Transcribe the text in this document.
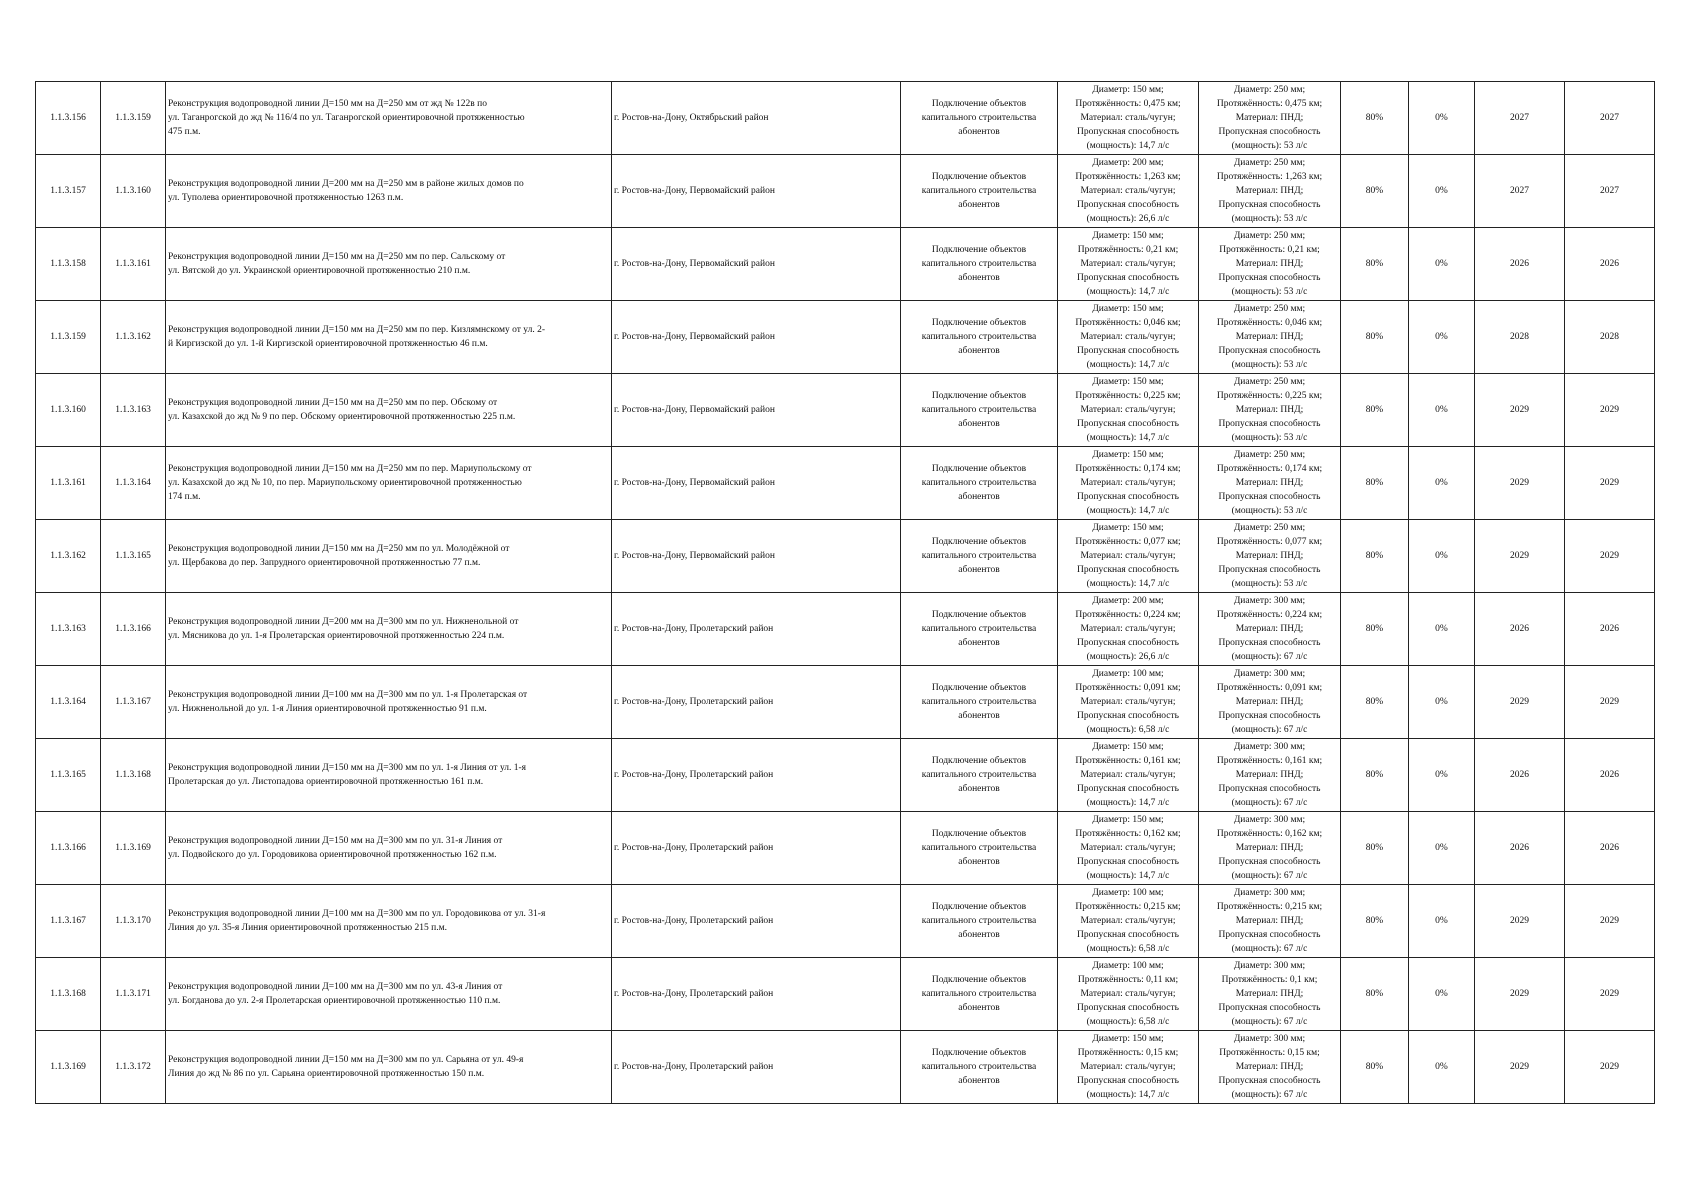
1.1.3.156	1.1.3.159	Реконструкция водопроводной линии Д=150 мм на Д=250 мм от жд № 122в по
ул. Таганрогской до жд № 116/4 по ул. Таганрогской ориентировочной протяженностью
475 п.м.	г. Ростов-на-Дону, Октябрьский район	Подключение объектов
капитального строительства
абонентов	Диаметр: 150 мм;
Протяжённость: 0,475 км;
Материал: сталь/чугун;
Пропускная способность
(мощность): 14,7 л/с	Диаметр: 250 мм;
Протяжённость: 0,475 км;
Материал: ПНД;
Пропускная способность
(мощность): 53 л/с	80%	0%	2027	2027
1.1.3.157	1.1.3.160	Реконструкция водопроводной линии Д=200 мм на Д=250 мм в районе жилых домов по
ул. Туполева ориентировочной протяженностью 1263 п.м.	г. Ростов-на-Дону, Первомайский район	Подключение объектов
капитального строительства
абонентов	Диаметр: 200 мм;
Протяжённость: 1,263 км;
Материал: сталь/чугун;
Пропускная способность
(мощность): 26,6 л/с	Диаметр: 250 мм;
Протяжённость: 1,263 км;
Материал: ПНД;
Пропускная способность
(мощность): 53 л/с	80%	0%	2027	2027
1.1.3.158	1.1.3.161	Реконструкция водопроводной линии Д=150 мм на Д=250 мм по пер. Сальскому от
ул. Вятской до ул. Украинской ориентировочной протяженностью 210 п.м.	г. Ростов-на-Дону, Первомайский район	Подключение объектов
капитального строительства
абонентов	Диаметр: 150 мм;
Протяжённость: 0,21 км;
Материал: сталь/чугун;
Пропускная способность
(мощность): 14,7 л/с	Диаметр: 250 мм;
Протяжённость: 0,21 км;
Материал: ПНД;
Пропускная способность
(мощность): 53 л/с	80%	0%	2026	2026
1.1.3.159	1.1.3.162	Реконструкция водопроводной линии Д=150 мм на Д=250 мм по пер. Кизлямнскому от ул. 2-
й Киргизской до ул. 1-й Киргизской ориентировочной протяженностью 46 п.м.	г. Ростов-на-Дону, Первомайский район	Подключение объектов
капитального строительства
абонентов	Диаметр: 150 мм;
Протяжённость: 0,046 км;
Материал: сталь/чугун;
Пропускная способность
(мощность): 14,7 л/с	Диаметр: 250 мм;
Протяжённость: 0,046 км;
Материал: ПНД;
Пропускная способность
(мощность): 53 л/с	80%	0%	2028	2028
1.1.3.160	1.1.3.163	Реконструкция водопроводной линии Д=150 мм на Д=250 мм по пер. Обскому от
ул. Казахской до жд № 9 по пер. Обскому ориентировочной протяженностью 225 п.м.	г. Ростов-на-Дону, Первомайский район	Подключение объектов
капитального строительства
абонентов	Диаметр: 150 мм;
Протяжённость: 0,225 км;
Материал: сталь/чугун;
Пропускная способность
(мощность): 14,7 л/с	Диаметр: 250 мм;
Протяжённость: 0,225 км;
Материал: ПНД;
Пропускная способность
(мощность): 53 л/с	80%	0%	2029	2029
1.1.3.161	1.1.3.164	Реконструкция водопроводной линии Д=150 мм на Д=250 мм по пер. Мариупольскому от
ул. Казахской до жд № 10, по пер. Мариупольскому ориентировочной протяженностью
174 п.м.	г. Ростов-на-Дону, Первомайский район	Подключение объектов
капитального строительства
абонентов	Диаметр: 150 мм;
Протяжённость: 0,174 км;
Материал: сталь/чугун;
Пропускная способность
(мощность): 14,7 л/с	Диаметр: 250 мм;
Протяжённость: 0,174 км;
Материал: ПНД;
Пропускная способность
(мощность): 53 л/с	80%	0%	2029	2029
1.1.3.162	1.1.3.165	Реконструкция водопроводной линии Д=150 мм на Д=250 мм по ул. Молодёжной от
ул. Щербакова до пер. Запрудного ориентировочной протяженностью 77 п.м.	г. Ростов-на-Дону, Первомайский район	Подключение объектов
капитального строительства
абонентов	Диаметр: 150 мм;
Протяжённость: 0,077 км;
Материал: сталь/чугун;
Пропускная способность
(мощность): 14,7 л/с	Диаметр: 250 мм;
Протяжённость: 0,077 км;
Материал: ПНД;
Пропускная способность
(мощность): 53 л/с	80%	0%	2029	2029
1.1.3.163	1.1.3.166	Реконструкция водопроводной линии Д=200 мм на Д=300 мм по ул. Нижненольной от
ул. Мясникова до ул. 1-я Пролетарская ориентировочной протяженностью 224 п.м.	г. Ростов-на-Дону, Пролетарский район	Подключение объектов
капитального строительства
абонентов	Диаметр: 200 мм;
Протяжённость: 0,224 км;
Материал: сталь/чугун;
Пропускная способность
(мощность): 26,6 л/с	Диаметр: 300 мм;
Протяжённость: 0,224 км;
Материал: ПНД;
Пропускная способность
(мощность): 67 л/с	80%	0%	2026	2026
1.1.3.164	1.1.3.167	Реконструкция водопроводной линии Д=100 мм на Д=300 мм по ул. 1-я Пролетарская от
ул. Нижненольной до ул. 1-я Линия ориентировочной протяженностью 91 п.м.	г. Ростов-на-Дону, Пролетарский район	Подключение объектов
капитального строительства
абонентов	Диаметр: 100 мм;
Протяжённость: 0,091 км;
Материал: сталь/чугун;
Пропускная способность
(мощность): 6,58 л/с	Диаметр: 300 мм;
Протяжённость: 0,091 км;
Материал: ПНД;
Пропускная способность
(мощность): 67 л/с	80%	0%	2029	2029
1.1.3.165	1.1.3.168	Реконструкция водопроводной линии Д=150 мм на Д=300 мм по ул. 1-я Линия от ул. 1-я
Пролетарская до ул. Листопадова ориентировочной протяженностью 161 п.м.	г. Ростов-на-Дону, Пролетарский район	Подключение объектов
капитального строительства
абонентов	Диаметр: 150 мм;
Протяжённость: 0,161 км;
Материал: сталь/чугун;
Пропускная способность
(мощность): 14,7 л/с	Диаметр: 300 мм;
Протяжённость: 0,161 км;
Материал: ПНД;
Пропускная способность
(мощность): 67 л/с	80%	0%	2026	2026
1.1.3.166	1.1.3.169	Реконструкция водопроводной линии Д=150 мм на Д=300 мм по ул. 31-я Линия от
ул. Подвойского до ул. Городовикова ориентировочной протяженностью 162 п.м.	г. Ростов-на-Дону, Пролетарский район	Подключение объектов
капитального строительства
абонентов	Диаметр: 150 мм;
Протяжённость: 0,162 км;
Материал: сталь/чугун;
Пропускная способность
(мощность): 14,7 л/с	Диаметр: 300 мм;
Протяжённость: 0,162 км;
Материал: ПНД;
Пропускная способность
(мощность): 67 л/с	80%	0%	2026	2026
1.1.3.167	1.1.3.170	Реконструкция водопроводной линии Д=100 мм на Д=300 мм по ул. Городовикова от ул. 31-я
Линия до ул. 35-я Линия ориентировочной протяженностью 215 п.м.	г. Ростов-на-Дону, Пролетарский район	Подключение объектов
капитального строительства
абонентов	Диаметр: 100 мм;
Протяжённость: 0,215 км;
Материал: сталь/чугун;
Пропускная способность
(мощность): 6,58 л/с	Диаметр: 300 мм;
Протяжённость: 0,215 км;
Материал: ПНД;
Пропускная способность
(мощность): 67 л/с	80%	0%	2029	2029
1.1.3.168	1.1.3.171	Реконструкция водопроводной линии Д=100 мм на Д=300 мм по ул. 43-я Линия от
ул. Богданова до ул. 2-я Пролетарская ориентировочной протяженностью 110 п.м.	г. Ростов-на-Дону, Пролетарский район	Подключение объектов
капитального строительства
абонентов	Диаметр: 100 мм;
Протяжённость: 0,11 км;
Материал: сталь/чугун;
Пропускная способность
(мощность): 6,58 л/с	Диаметр: 300 мм;
Протяжённость: 0,1 км;
Материал: ПНД;
Пропускная способность
(мощность): 67 л/с	80%	0%	2029	2029
1.1.3.169	1.1.3.172	Реконструкция водопроводной линии Д=150 мм на Д=300 мм по ул. Сарьяна от ул. 49-я
Линия до жд № 86 по ул. Сарьяна ориентировочной протяженностью 150 п.м.	г. Ростов-на-Дону, Пролетарский район	Подключение объектов
капитального строительства
абонентов	Диаметр: 150 мм;
Протяжённость: 0,15 км;
Материал: сталь/чугун;
Пропускная способность
(мощность): 14,7 л/с	Диаметр: 300 мм;
Протяжённость: 0,15 км;
Материал: ПНД;
Пропускная способность
(мощность): 67 л/с	80%	0%	2029	2029
